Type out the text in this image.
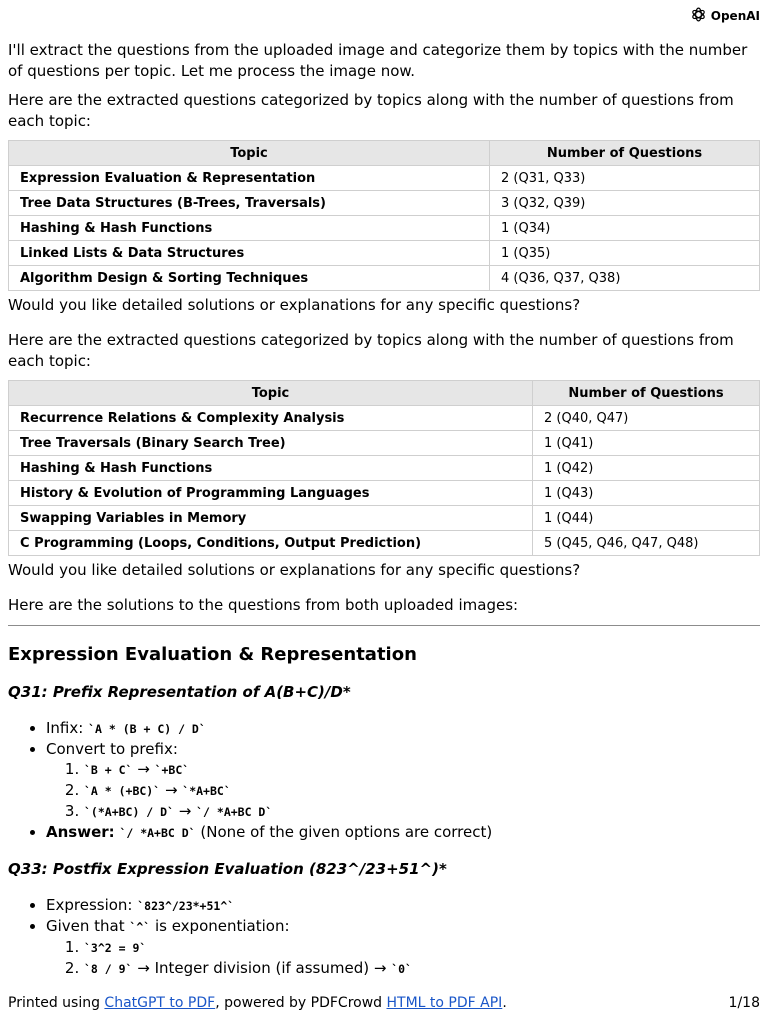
OpenAI

I'll extract the questions from the uploaded image and categorize them by topics with the number of questions per topic. Let me process the image now.

Here are the extracted questions categorized by topics along with the number of questions from each topic:

Topic	Number of Questions
Expression Evaluation & Representation	2 (Q31, Q33)
Tree Data Structures (B-Trees, Traversals)	3 (Q32, Q39)
Hashing & Hash Functions	1 (Q34)
Linked Lists & Data Structures	1 (Q35)
Algorithm Design & Sorting Techniques	4 (Q36, Q37, Q38)

Would you like detailed solutions or explanations for any specific questions?

Here are the extracted questions categorized by topics along with the number of questions from each topic:

Topic	Number of Questions
Recurrence Relations & Complexity Analysis	2 (Q40, Q47)
Tree Traversals (Binary Search Tree)	1 (Q41)
Hashing & Hash Functions	1 (Q42)
History & Evolution of Programming Languages	1 (Q43)
Swapping Variables in Memory	1 (Q44)
C Programming (Loops, Conditions, Output Prediction)	5 (Q45, Q46, Q47, Q48)

Would you like detailed solutions or explanations for any specific questions?

Here are the solutions to the questions from both uploaded images:

Expression Evaluation & Representation

Q31: Prefix Representation of A(B+C)/D*

• Infix: `A * (B + C) / D`
• Convert to prefix:
1. `B + C` → `+BC`
2. `A * (+BC)` → `*A+BC`
3. `(*A+BC) / D` → `/ *A+BC D`
• Answer: `/ *A+BC D` (None of the given options are correct)

Q33: Postfix Expression Evaluation (823^/23+51^)*

• Expression: `823^/23*+51^`
• Given that `^` is exponentiation:
1. `3^2 = 9`
2. `8 / 9` → Integer division (if assumed) → `0`
Printed using ChatGPT to PDF, powered by PDFCrowd HTML to PDF API.	1/18
